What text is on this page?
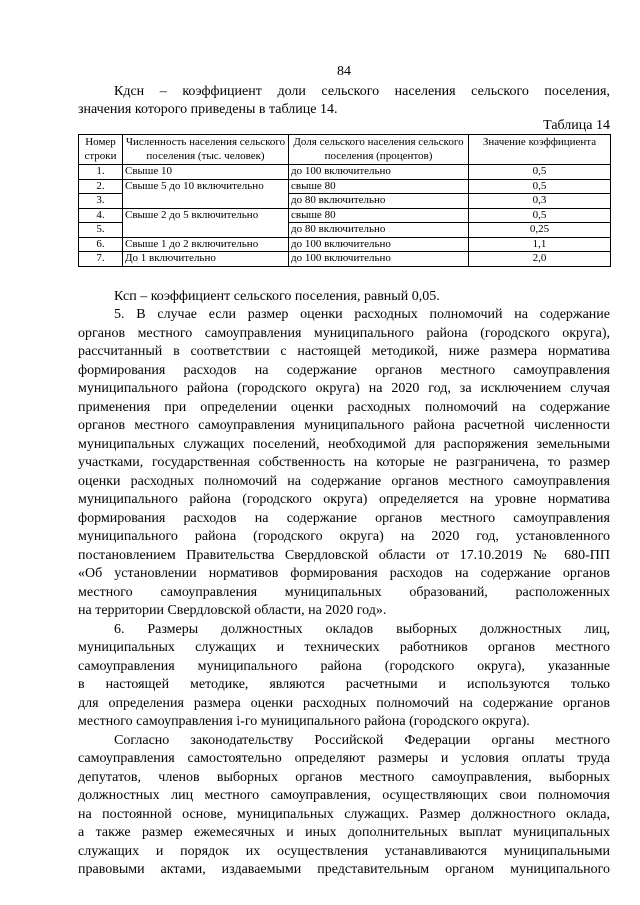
84

Кдсн – коэффициент доли сельского населения сельского поселения,

значения которого приведены в таблице 14.

Таблица 14
Номер строки	Численность населения сельского поселения (тыс. человек)	Доля сельского населения сельского поселения (процентов)	Значение коэффициента
1.	Свыше 10	до 100 включительно	0,5
2.	Свыше 5 до 10 включительно	свыше 80	0,5
3.		до 80 включительно	0,3
4.	Свыше 2 до 5 включительно	свыше 80	0,5
5.		до 80 включительно	0,25
6.	Свыше 1 до 2 включительно	до 100 включительно	1,1
7.	До 1 включительно	до 100 включительно	2,0

Ксп – коэффициент сельского поселения, равный 0,05.

5. В случае если размер оценки расходных полномочий на содержание

органов местного самоуправления муниципального района (городского округа),

рассчитанный в соответствии с настоящей методикой, ниже размера норматива

формирования расходов на содержание органов местного самоуправления

муниципального района (городского округа) на 2020 год, за исключением случая

применения при определении оценки расходных полномочий на содержание

органов местного самоуправления муниципального района расчетной численности

муниципальных служащих поселений, необходимой для распоряжения земельными

участками, государственная собственность на которые не разграничена, то размер

оценки расходных полномочий на содержание органов местного самоуправления

муниципального района (городского округа) определяется на уровне норматива

формирования расходов на содержание органов местного самоуправления

муниципального района (городского округа) на 2020 год, установленного

постановлением Правительства Свердловской области от 17.10.2019 № 680-ПП

«Об установлении нормативов формирования расходов на содержание органов

местного самоуправления муниципальных образований, расположенных

на территории Свердловской области, на 2020 год».

6. Размеры должностных окладов выборных должностных лиц,

муниципальных служащих и технических работников органов местного

самоуправления муниципального района (городского округа), указанные

в настоящей методике, являются расчетными и используются только

для определения размера оценки расходных полномочий на содержание органов

местного самоуправления i-го муниципального района (городского округа).

Согласно законодательству Российской Федерации органы местного

самоуправления самостоятельно определяют размеры и условия оплаты труда

депутатов, членов выборных органов местного самоуправления, выборных

должностных лиц местного самоуправления, осуществляющих свои полномочия

на постоянной основе, муниципальных служащих. Размер должностного оклада,

а также размер ежемесячных и иных дополнительных выплат муниципальных

служащих и порядок их осуществления устанавливаются муниципальными

правовыми актами, издаваемыми представительным органом муниципального
